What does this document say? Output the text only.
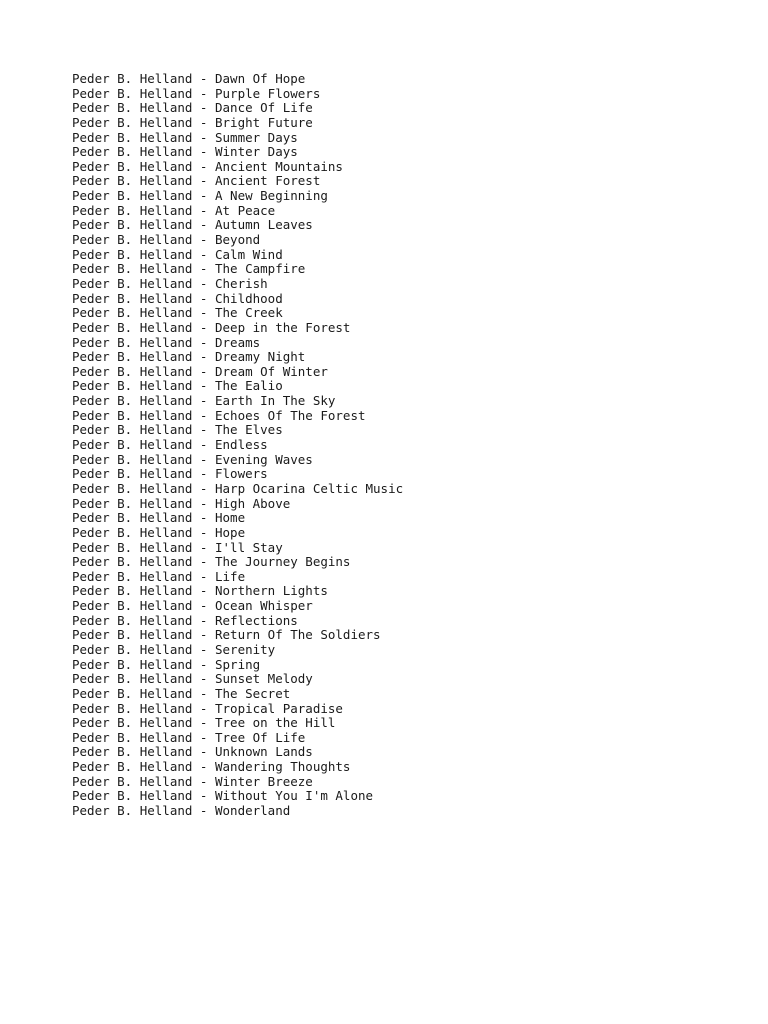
Peder B. Helland - Dawn Of Hope
Peder B. Helland - Purple Flowers
Peder B. Helland - Dance Of Life
Peder B. Helland - Bright Future
Peder B. Helland - Summer Days
Peder B. Helland - Winter Days
Peder B. Helland - Ancient Mountains
Peder B. Helland - Ancient Forest
Peder B. Helland - A New Beginning
Peder B. Helland - At Peace
Peder B. Helland - Autumn Leaves
Peder B. Helland - Beyond
Peder B. Helland - Calm Wind
Peder B. Helland - The Campfire
Peder B. Helland - Cherish
Peder B. Helland - Childhood
Peder B. Helland - The Creek
Peder B. Helland - Deep in the Forest
Peder B. Helland - Dreams
Peder B. Helland - Dreamy Night
Peder B. Helland - Dream Of Winter
Peder B. Helland - The Ealio
Peder B. Helland - Earth In The Sky
Peder B. Helland - Echoes Of The Forest
Peder B. Helland - The Elves
Peder B. Helland - Endless
Peder B. Helland - Evening Waves
Peder B. Helland - Flowers
Peder B. Helland - Harp Ocarina Celtic Music
Peder B. Helland - High Above
Peder B. Helland - Home
Peder B. Helland - Hope
Peder B. Helland - I'll Stay
Peder B. Helland - The Journey Begins
Peder B. Helland - Life
Peder B. Helland - Northern Lights
Peder B. Helland - Ocean Whisper
Peder B. Helland - Reflections
Peder B. Helland - Return Of The Soldiers
Peder B. Helland - Serenity
Peder B. Helland - Spring
Peder B. Helland - Sunset Melody
Peder B. Helland - The Secret
Peder B. Helland - Tropical Paradise
Peder B. Helland - Tree on the Hill
Peder B. Helland - Tree Of Life
Peder B. Helland - Unknown Lands
Peder B. Helland - Wandering Thoughts
Peder B. Helland - Winter Breeze
Peder B. Helland - Without You I'm Alone
Peder B. Helland - Wonderland
